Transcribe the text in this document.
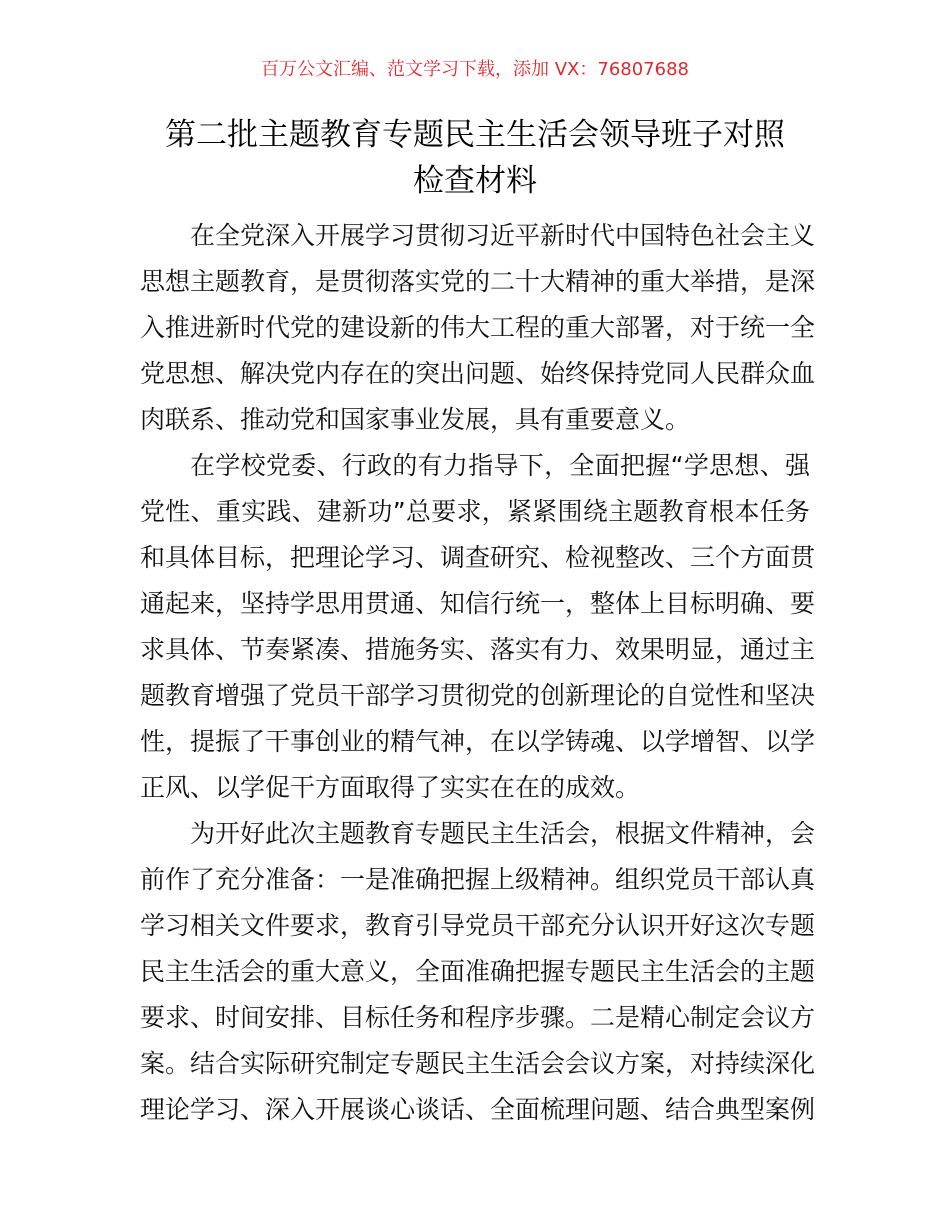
百万公文汇编、范文学习下载，添加 VX：76807688
第二批主题教育专题民主生活会领导班子对照
检查材料
在全党深入开展学习贯彻习近平新时代中国特色社会主义
思想主题教育，是贯彻落实党的二十大精神的重大举措，是深
入推进新时代党的建设新的伟大工程的重大部署，对于统一全
党思想、解决党内存在的突出问题、始终保持党同人民群众血
肉联系、推动党和国家事业发展，具有重要意义。
在学校党委、行政的有力指导下，全面把握“学思想、强
党性、重实践、建新功”总要求，紧紧围绕主题教育根本任务
和具体目标，把理论学习、调查研究、检视整改、三个方面贯
通起来，坚持学思用贯通、知信行统一，整体上目标明确、要
求具体、节奏紧凑、措施务实、落实有力、效果明显，通过主
题教育增强了党员干部学习贯彻党的创新理论的自觉性和坚决
性，提振了干事创业的精气神，在以学铸魂、以学增智、以学
正风、以学促干方面取得了实实在在的成效。
为开好此次主题教育专题民主生活会，根据文件精神，会
前作了充分准备：一是准确把握上级精神。组织党员干部认真
学习相关文件要求，教育引导党员干部充分认识开好这次专题
民主生活会的重大意义，全面准确把握专题民主生活会的主题
要求、时间安排、目标任务和程序步骤。二是精心制定会议方
案。结合实际研究制定专题民主生活会会议方案，对持续深化
理论学习、深入开展谈心谈话、全面梳理问题、结合典型案例
